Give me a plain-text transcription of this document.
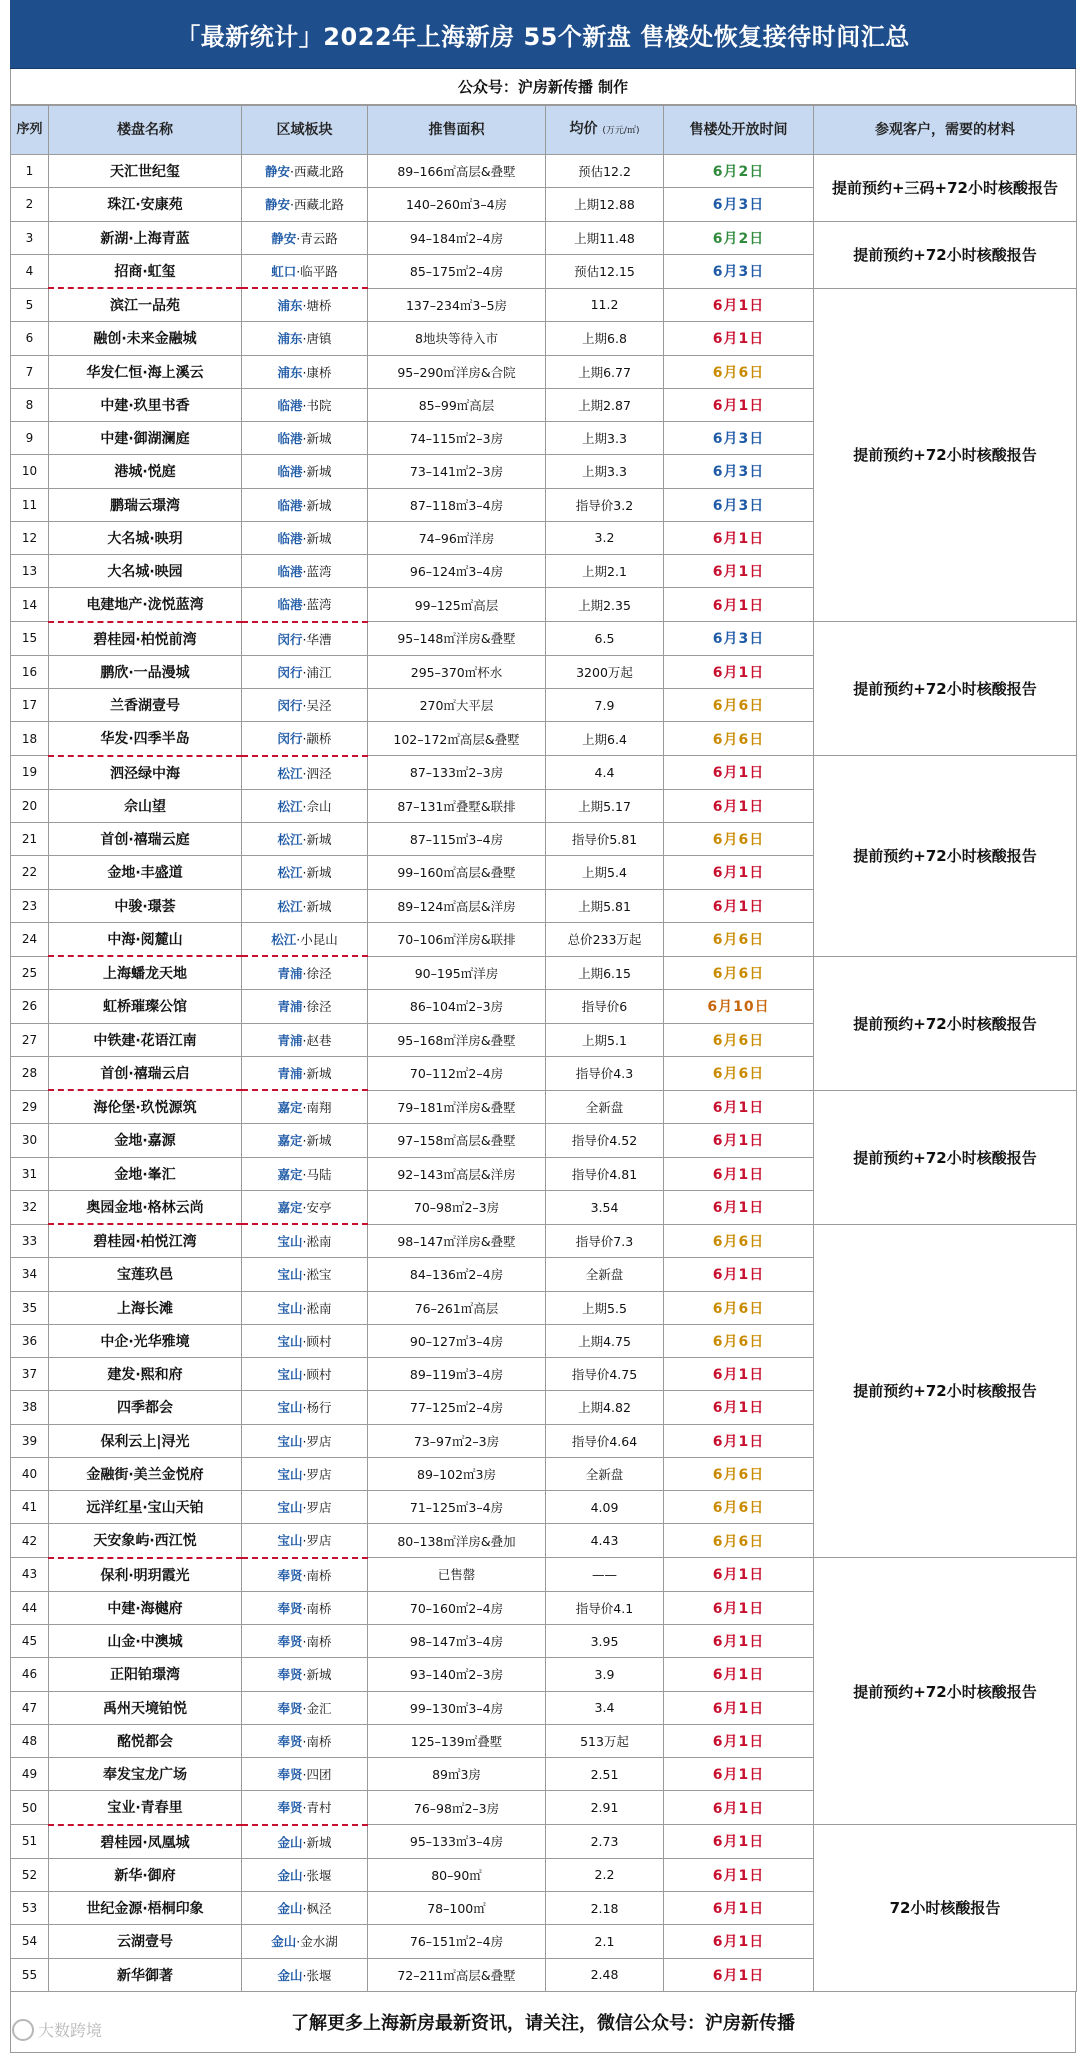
「最新统计」2022年上海新房 55个新盘 售楼处恢复接待时间汇总
公众号：沪房新传播 制作
序列	楼盘名称	区域板块	推售面积	均价 (万元/㎡)	售楼处开放时间	参观客户，需要的材料
1	天汇世纪玺	静安·西藏北路	89–166㎡高层&叠墅	预估12.2	6月2日	提前预约+三码+72小时核酸报告
2	珠江·安康苑	静安·西藏北路	140–260㎡3–4房	上期12.88	6月3日	
3	新湖·上海青蓝	静安·青云路	94–184㎡2–4房	上期11.48	6月2日	提前预约+72小时核酸报告
4	招商·虹玺	虹口·临平路	85–175㎡2–4房	预估12.15	6月3日	
5	滨江一品苑	浦东·塘桥	137–234㎡3–5房	11.2	6月1日	提前预约+72小时核酸报告
6	融创·未来金融城	浦东·唐镇	8地块等待入市	上期6.8	6月1日	
7	华发仁恒·海上溪云	浦东·康桥	95–290㎡洋房&合院	上期6.77	6月6日	
8	中建·玖里书香	临港·书院	85–99㎡高层	上期2.87	6月1日	
9	中建·御湖澜庭	临港·新城	74–115㎡2–3房	上期3.3	6月3日	
10	港城·悦庭	临港·新城	73–141㎡2–3房	上期3.3	6月3日	
11	鹏瑞云璟湾	临港·新城	87–118㎡3–4房	指导价3.2	6月3日	
12	大名城·映玥	临港·新城	74–96㎡洋房	3.2	6月1日	
13	大名城·映园	临港·蓝湾	96–124㎡3–4房	上期2.1	6月1日	
14	电建地产·泷悦蓝湾	临港·蓝湾	99–125㎡高层	上期2.35	6月1日	
15	碧桂园·柏悦前湾	闵行·华漕	95–148㎡洋房&叠墅	6.5	6月3日	提前预约+72小时核酸报告
16	鹏欣·一品漫城	闵行·浦江	295–370㎡杯水	3200万起	6月1日	
17	兰香湖壹号	闵行·吴泾	270㎡大平层	7.9	6月6日	
18	华发·四季半岛	闵行·颛桥	102–172㎡高层&叠墅	上期6.4	6月6日	
19	泗泾绿中海	松江·泗泾	87–133㎡2–3房	4.4	6月1日	提前预约+72小时核酸报告
20	佘山望	松江·佘山	87–131㎡叠墅&联排	上期5.17	6月1日	
21	首创·禧瑞云庭	松江·新城	87–115㎡3–4房	指导价5.81	6月6日	
22	金地·丰盛道	松江·新城	99–160㎡高层&叠墅	上期5.4	6月1日	
23	中骏·璟荟	松江·新城	89–124㎡高层&洋房	上期5.81	6月1日	
24	中海·阅麓山	松江·小昆山	70–106㎡洋房&联排	总价233万起	6月6日	
25	上海蟠龙天地	青浦·徐泾	90–195㎡洋房	上期6.15	6月6日	提前预约+72小时核酸报告
26	虹桥璀璨公馆	青浦·徐泾	86–104㎡2–3房	指导价6	6月10日	
27	中铁建·花语江南	青浦·赵巷	95–168㎡洋房&叠墅	上期5.1	6月6日	
28	首创·禧瑞云启	青浦·新城	70–112㎡2–4房	指导价4.3	6月6日	
29	海伦堡·玖悦源筑	嘉定·南翔	79–181㎡洋房&叠墅	全新盘	6月1日	提前预约+72小时核酸报告
30	金地·嘉源	嘉定·新城	97–158㎡高层&叠墅	指导价4.52	6月1日	
31	金地·峯汇	嘉定·马陆	92–143㎡高层&洋房	指导价4.81	6月1日	
32	奥园金地·格林云尚	嘉定·安亭	70–98㎡2–3房	3.54	6月1日	
33	碧桂园·柏悦江湾	宝山·淞南	98–147㎡洋房&叠墅	指导价7.3	6月6日	提前预约+72小时核酸报告
34	宝莲玖邑	宝山·淞宝	84–136㎡2–4房	全新盘	6月1日	
35	上海长滩	宝山·淞南	76–261㎡高层	上期5.5	6月6日	
36	中企·光华雅境	宝山·顾村	90–127㎡3–4房	上期4.75	6月6日	
37	建发·熙和府	宝山·顾村	89–119㎡3–4房	指导价4.75	6月1日	
38	四季都会	宝山·杨行	77–125㎡2–4房	上期4.82	6月1日	
39	保利云上|浔光	宝山·罗店	73–97㎡2–3房	指导价4.64	6月1日	
40	金融街·美兰金悦府	宝山·罗店	89–102㎡3房	全新盘	6月6日	
41	远洋红星·宝山天铂	宝山·罗店	71–125㎡3–4房	4.09	6月6日	
42	天安象屿·西江悦	宝山·罗店	80–138㎡洋房&叠加	4.43	6月6日	
43	保利·明玥霞光	奉贤·南桥	已售罄	——	6月1日	提前预约+72小时核酸报告
44	中建·海樾府	奉贤·南桥	70–160㎡2–4房	指导价4.1	6月1日	
45	山金·中澳城	奉贤·南桥	98–147㎡3–4房	3.95	6月1日	
46	正阳铂璟湾	奉贤·新城	93–140㎡2–3房	3.9	6月1日	
47	禹州天境铂悦	奉贤·金汇	99–130㎡3–4房	3.4	6月1日	
48	酩悦都会	奉贤·南桥	125–139㎡叠墅	513万起	6月1日	
49	奉发宝龙广场	奉贤·四团	89㎡3房	2.51	6月1日	
50	宝业·青春里	奉贤·青村	76–98㎡2–3房	2.91	6月1日	
51	碧桂园·凤凰城	金山·新城	95–133㎡3–4房	2.73	6月1日	72小时核酸报告
52	新华·御府	金山·张堰	80–90㎡	2.2	6月1日	
53	世纪金源·梧桐印象	金山·枫泾	78–100㎡	2.18	6月1日	
54	云湖壹号	金山·金水湖	76–151㎡2–4房	2.1	6月1日	
55	新华御著	金山·张堰	72–211㎡高层&叠墅	2.48	6月1日	
了解更多上海新房最新资讯，请关注，微信公众号：沪房新传播
大数跨境
